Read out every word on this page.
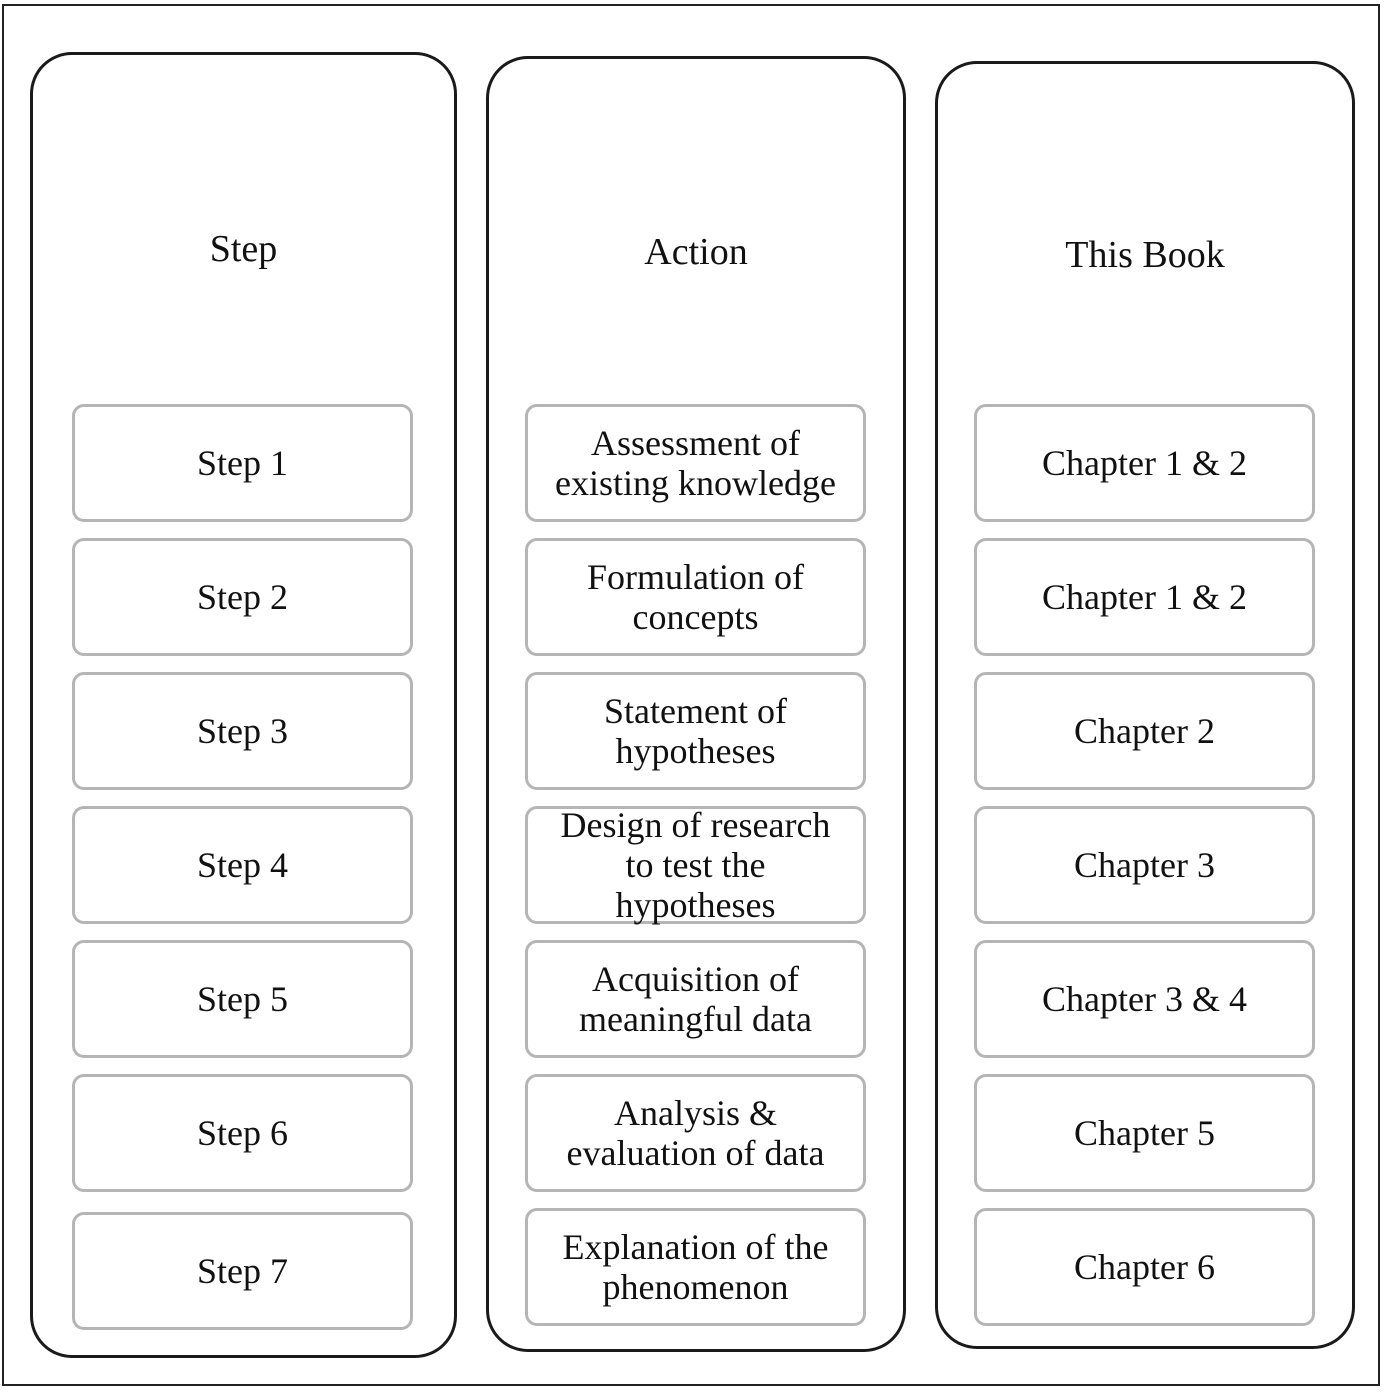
Step
Step 1
Step 2
Step 3
Step 4
Step 5
Step 6
Step 7
Action
Assessment of
existing knowledge
Formulation of
concepts
Statement of
hypotheses
Design of research
to test the
hypotheses
Acquisition of
meaningful data
Analysis &
evaluation of data
Explanation of the
phenomenon
This Book
Chapter 1 & 2
Chapter 1 & 2
Chapter 2
Chapter 3
Chapter 3 & 4
Chapter 5
Chapter 6
